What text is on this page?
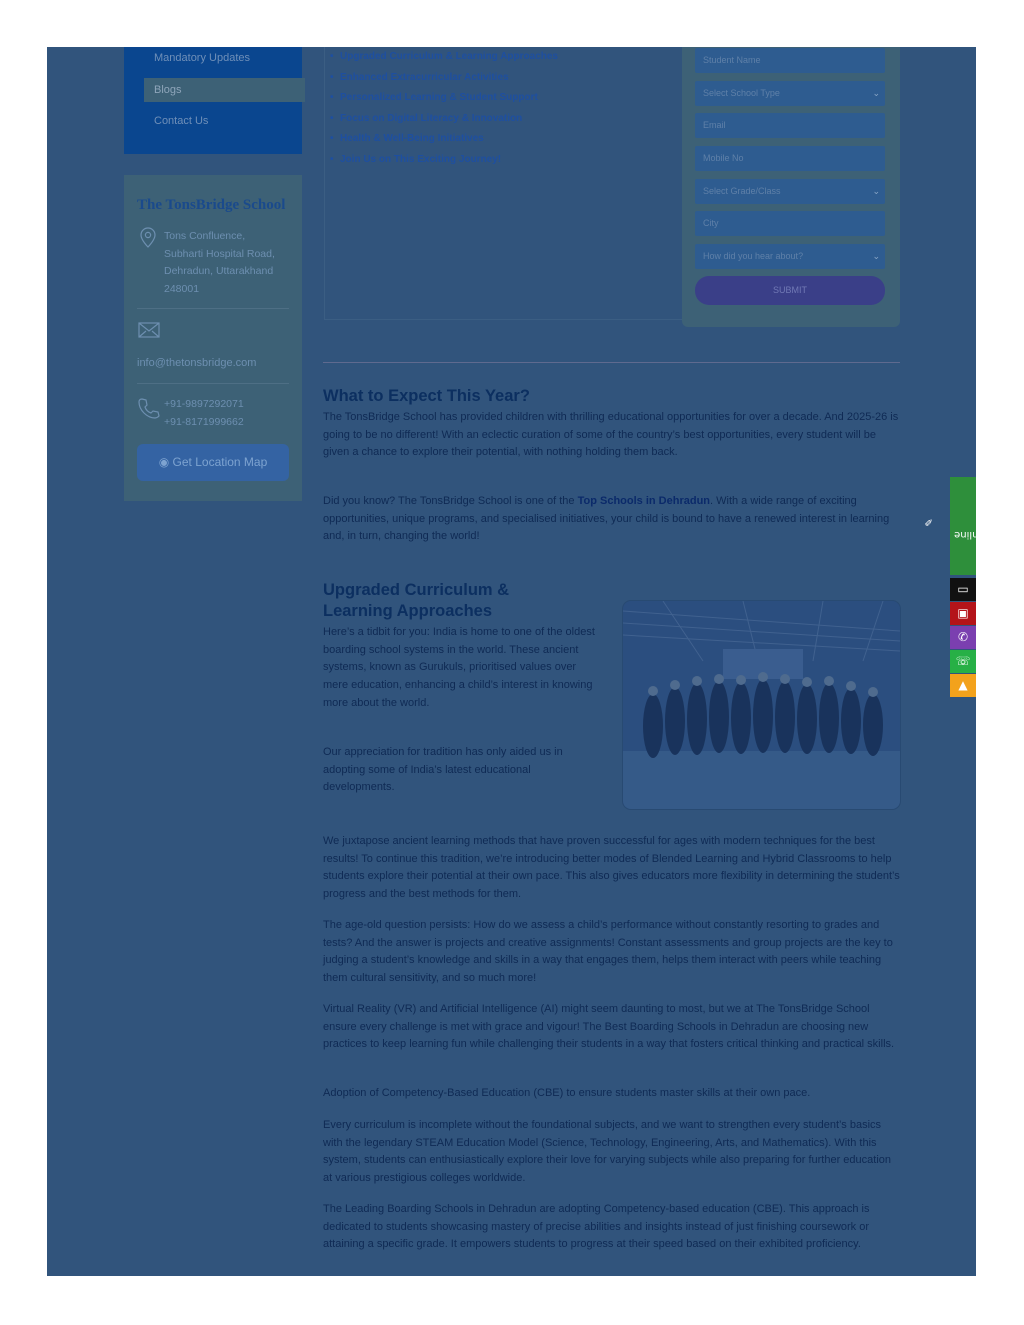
Mandatory Updates
Blogs
Contact Us
The TonsBridge School
Tons Confluence,
Subharti Hospital Road,
Dehradun, Uttarakhand
248001
info@thetonsbridge.com
+91-9897292071
+91-8171999662
◉ Get Location Map
• Upgraded Curriculum & Learning Approaches
• Enhanced Extracurricular Activities
• Personalized Learning & Student Support
• Focus on Digital Literacy & Innovation
• Health & Well-Being Initiatives
• Join Us on This Exciting Journey!
Student Name
Select School Type	⌄
Email
Mobile No
Select Grade/Class	⌄
City
How did you hear about?	⌄
SUBMIT
What to Expect This Year?

The TonsBridge School has provided children with thrilling educational opportunities for over a decade. And 2025-26 is going to be no different! With an eclectic curation of some of the country’s best opportunities, every student will be given a chance to explore their potential, with nothing holding them back.

Did you know? The TonsBridge School is one of the Top Schools in Dehradun. With a wide range of exciting opportunities, unique programs, and specialised initiatives, your child is bound to have a renewed interest in learning and, in turn, changing the world!

Upgraded Curriculum &
Learning Approaches

Here’s a tidbit for you: India is home to one of the oldest boarding school systems in the world. These ancient systems, known as Gurukuls, prioritised values over mere education, enhancing a child’s interest in knowing more about the world.

Our appreciation for tradition has only aided us in adopting some of India’s latest educational developments.

We juxtapose ancient learning methods that have proven successful for ages with modern techniques for the best results! To continue this tradition, we’re introducing better modes of Blended Learning and Hybrid Classrooms to help students explore their potential at their own pace. This also gives educators more flexibility in determining the student’s progress and the best methods for them.

The age-old question persists: How do we assess a child’s performance without constantly resorting to grades and tests? And the answer is projects and creative assignments! Constant assessments and group projects are the key to judging a student’s knowledge and skills in a way that engages them, helps them interact with peers while teaching them cultural sensitivity, and so much more!

Virtual Reality (VR) and Artificial Intelligence (AI) might seem daunting to most, but we at The TonsBridge School ensure every challenge is met with grace and vigour! The Best Boarding Schools in Dehradun are choosing new practices to keep learning fun while challenging their students in a way that fosters critical thinking and practical skills.

Adoption of Competency-Based Education (CBE) to ensure students master skills at their own pace.

Every curriculum is incomplete without the foundational subjects, and we want to strengthen every student’s basics with the legendary STEAM Education Model (Science, Technology, Engineering, Arts, and Mathematics). With this system, students can enthusiastically explore their love for varying subjects while also preparing for further education at various prestigious colleges worldwide.

The Leading Boarding Schools in Dehradun are adopting Competency-based education (CBE). This approach is dedicated to students showcasing mastery of precise abilities and insights instead of just finishing coursework or attaining a specific grade. It empowers students to progress at their speed based on their exhibited proficiency.

✎
Online
▭
▣
✆
☏
▲
